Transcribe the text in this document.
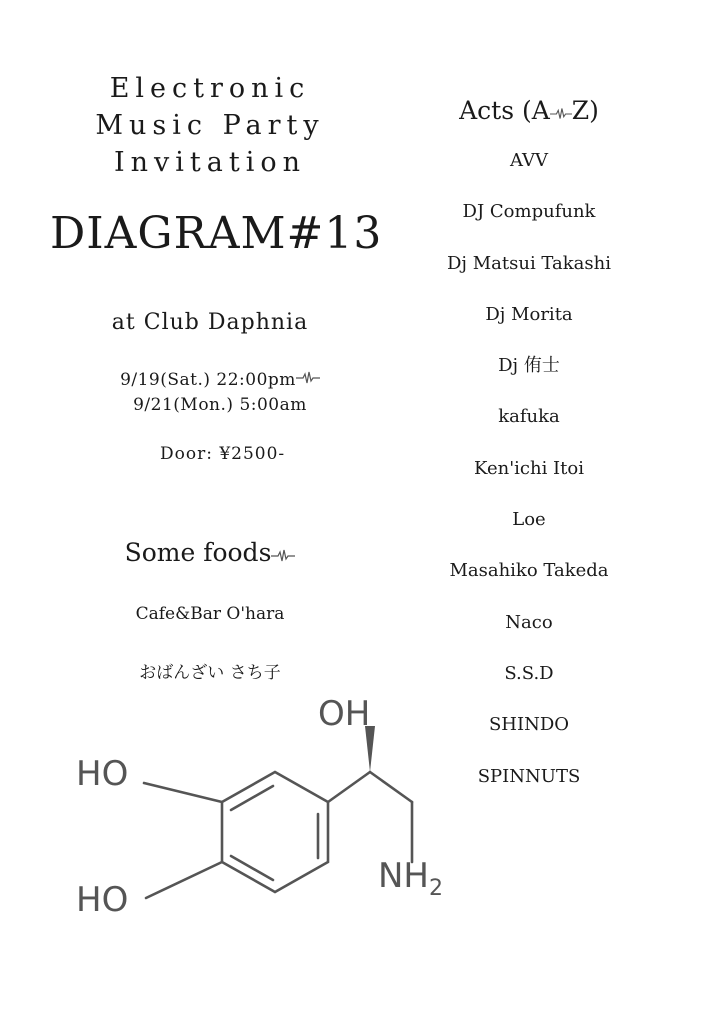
Electronic
Music Party
Invitation
DIAGRAM#13
at Club Daphnia
9/19(Sat.) 22:00pm
9/21(Mon.) 5:00am
Door: ¥2500-
Some foods
Cafe&Bar O'hara
おばんざい さち子
OH
HO
HO
$NH_2$
Acts (A Z)
AVV
DJ Compufunk
Dj Matsui Takashi
Dj Morita
Dj 侑士
kafuka
Ken'ichi Itoi
Loe
Masahiko Takeda
Naco
S.S.D
SHINDO
SPINNUTS
